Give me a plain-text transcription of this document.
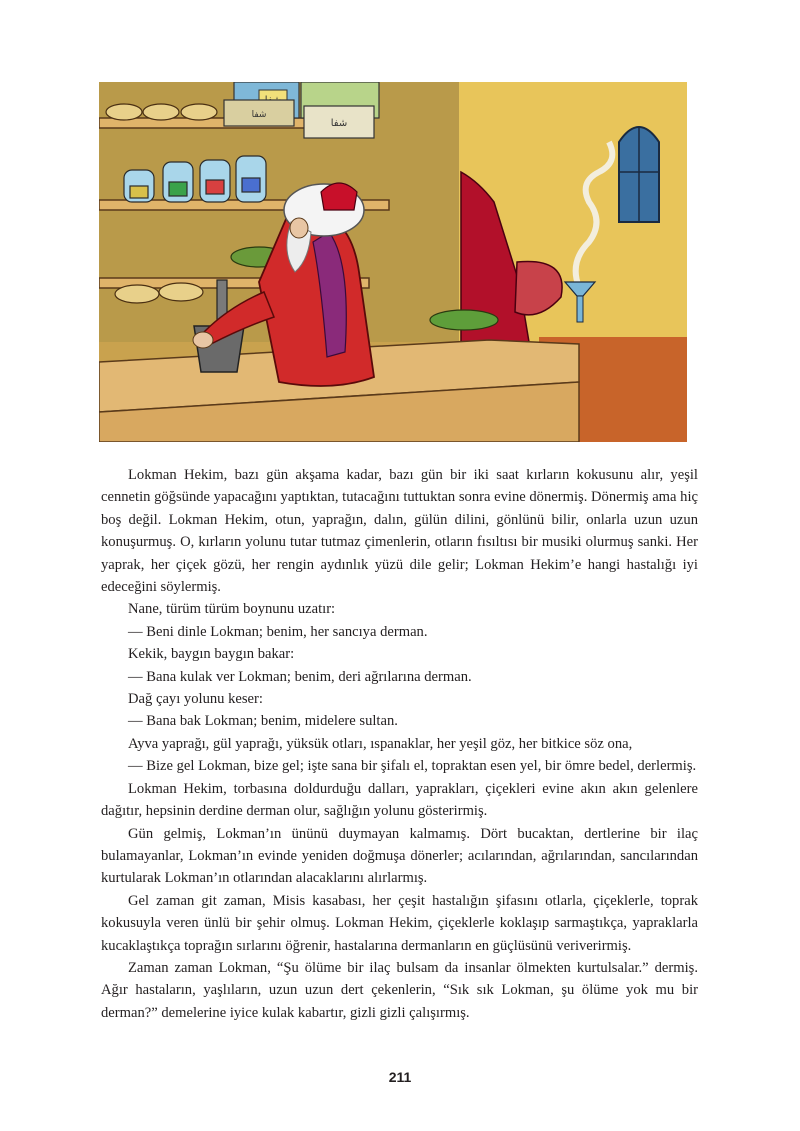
شفا
شفا

Lokman Hekim, bazı gün akşama kadar, bazı gün bir iki saat kırların kokusunu alır, yeşil cennetin göğsünde yapacağını yaptıktan, tutacağını tuttuktan sonra evine dönermiş. Dönermiş ama hiç boş değil. Lokman Hekim, otun, yaprağın, dalın, gülün dilini, gönlünü bilir, onlarla uzun uzun konuşurmuş. O, kırların yolunu tutar tutmaz çimenlerin, otların fısıltısı bir musiki olurmuş sanki. Her yaprak, her çiçek gözü, her rengin aydınlık yüzü dile gelir; Lokman Hekim’e hangi hastalığı iyi edeceğini söylermiş.

Nane, türüm türüm boynunu uzatır:

— Beni dinle Lokman; benim, her sancıya derman.

Kekik, baygın baygın bakar:

— Bana kulak ver Lokman; benim, deri ağrılarına derman.

Dağ çayı yolunu keser:

— Bana bak Lokman; benim, midelere sultan.

Ayva yaprağı, gül yaprağı, yüksük otları, ıspanaklar, her yeşil göz, her bitkice söz ona,

— Bize gel Lokman, bize gel; işte sana bir şifalı el, topraktan esen yel, bir ömre bedel, derlermiş.

Lokman Hekim, torbasına doldurduğu dalları, yaprakları, çiçekleri evine akın akın gelenlere dağıtır, hepsinin derdine derman olur, sağlığın yolunu gösterirmiş.

Gün gelmiş, Lokman’ın ününü duymayan kalmamış. Dört bucaktan, dertlerine bir ilaç bulamayanlar, Lokman’ın evinde yeniden doğmuşa dönerler; acılarından, ağrılarından, sancılarından kurtularak Lokman’ın otlarından alacaklarını alırlarmış.

Gel zaman git zaman, Misis kasabası, her çeşit hastalığın şifasını otlarla, çiçeklerle, toprak kokusuyla veren ünlü bir şehir olmuş. Lokman Hekim, çiçeklerle koklaşıp sarmaştıkça, yapraklarla kucaklaştıkça toprağın sırlarını öğrenir, hastalarına dermanların en güçlüsünü veriverirmiş.

Zaman zaman Lokman, “Şu ölüme bir ilaç bulsam da insanlar ölmekten kurtulsalar.” dermiş. Ağır hastaların, yaşlıların, uzun uzun dert çekenlerin, “Sık sık Lokman, şu ölüme yok mu bir derman?” demelerine iyice kulak kabartır, gizli gizli çalışırmış.

211
